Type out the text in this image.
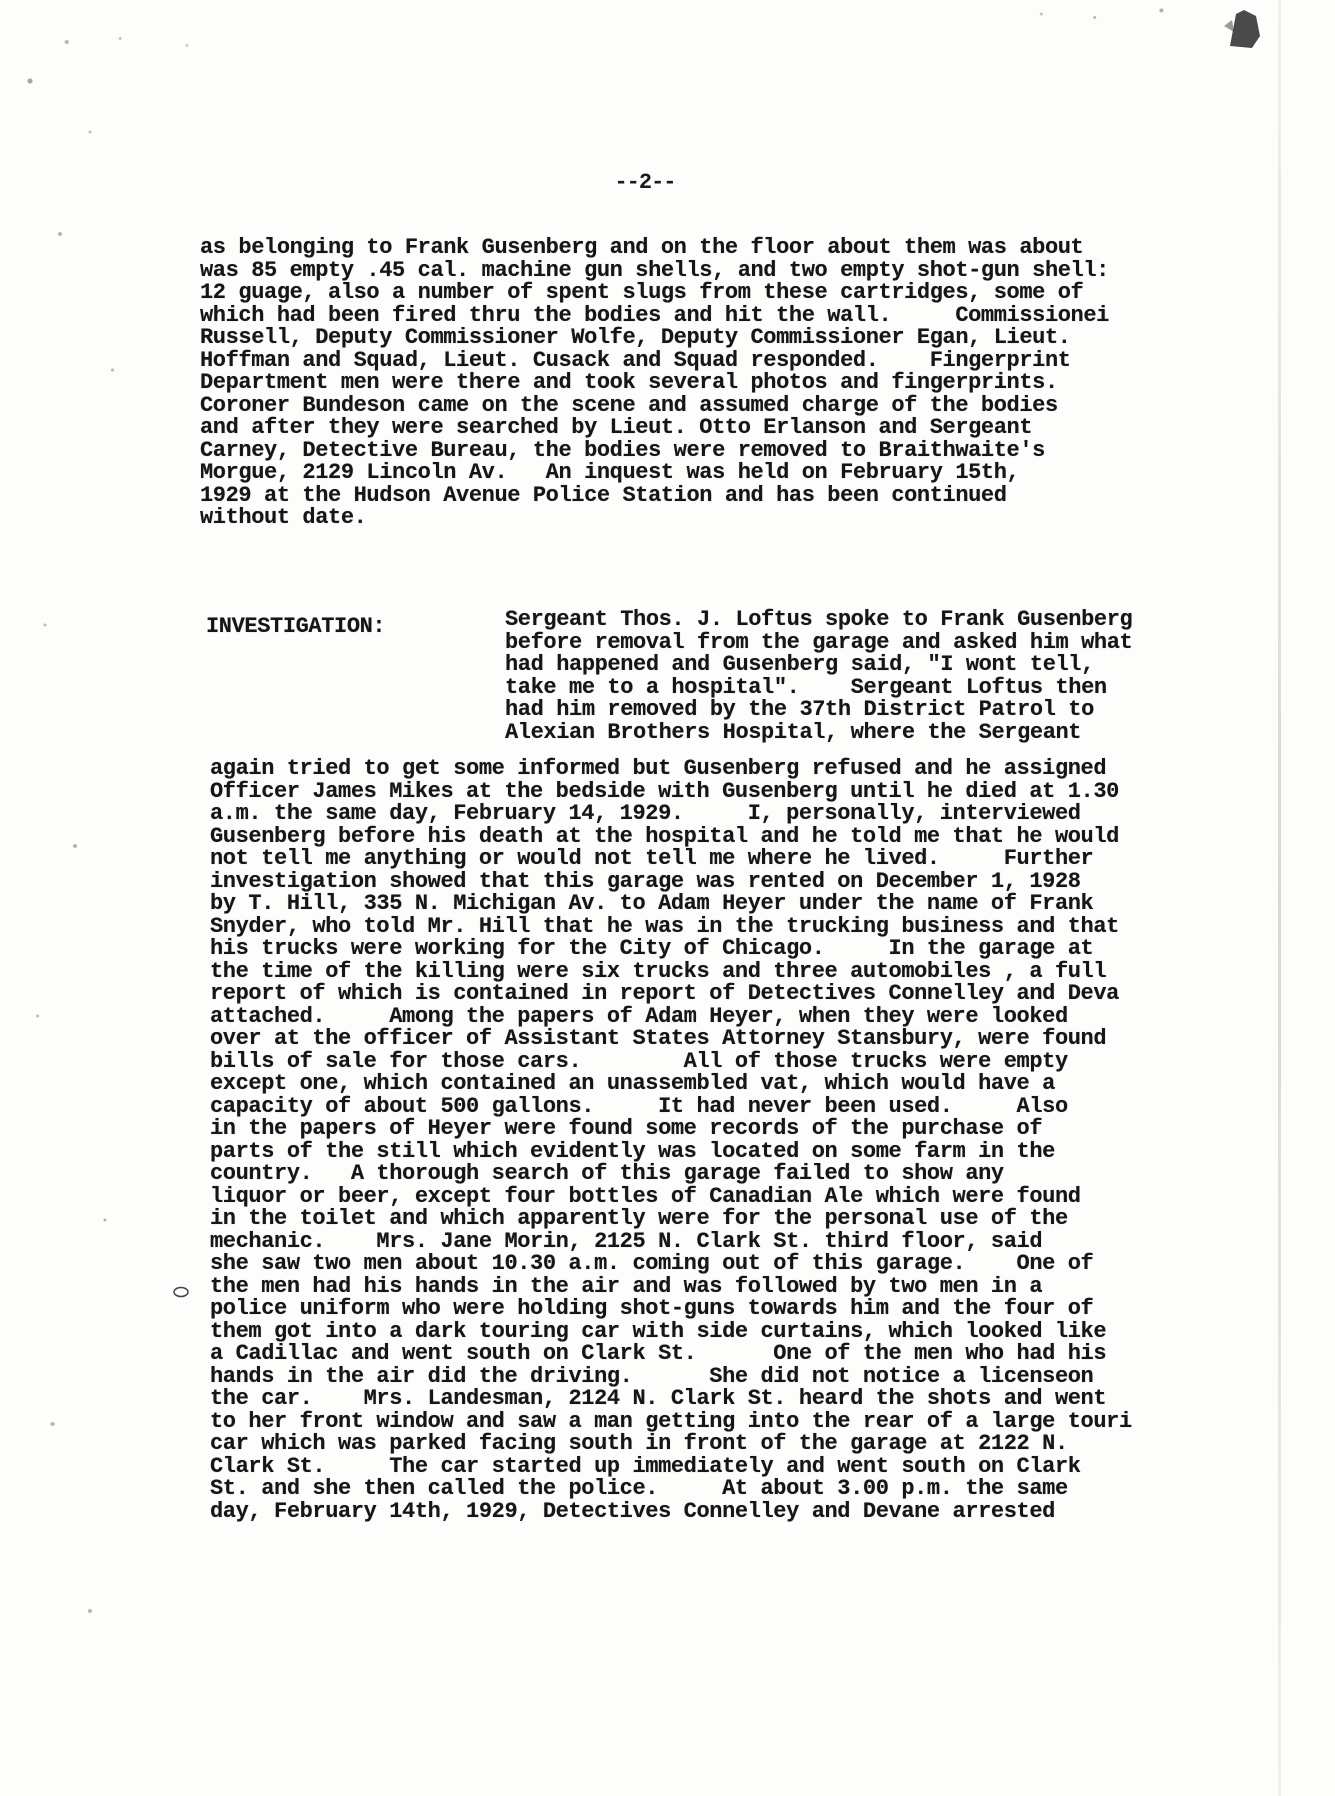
--2--
as belonging to Frank Gusenberg and on the floor about them was about
was 85 empty .45 cal. machine gun shells, and two empty shot-gun shell:
12 guage, also a number of spent slugs from these cartridges, some of
which had been fired thru the bodies and hit the wall.     Commissionei
Russell, Deputy Commissioner Wolfe, Deputy Commissioner Egan, Lieut.
Hoffman and Squad, Lieut. Cusack and Squad responded.    Fingerprint
Department men were there and took several photos and fingerprints.
Coroner Bundeson came on the scene and assumed charge of the bodies
and after they were searched by Lieut. Otto Erlanson and Sergeant
Carney, Detective Bureau, the bodies were removed to Braithwaite's
Morgue, 2129 Lincoln Av.   An inquest was held on February 15th,
1929 at the Hudson Avenue Police Station and has been continued
without date.
INVESTIGATION:	Sergeant Thos. J. Loftus spoke to Frank Gusenberg
before removal from the garage and asked him what
had happened and Gusenberg said, "I wont tell,
take me to a hospital".    Sergeant Loftus then
had him removed by the 37th District Patrol to
Alexian Brothers Hospital, where the Sergeant
again tried to get some informed but Gusenberg refused and he assigned
Officer James Mikes at the bedside with Gusenberg until he died at 1.30
a.m. the same day, February 14, 1929.     I, personally, interviewed
Gusenberg before his death at the hospital and he told me that he would
not tell me anything or would not tell me where he lived.     Further
investigation showed that this garage was rented on December 1, 1928
by T. Hill, 335 N. Michigan Av. to Adam Heyer under the name of Frank
Snyder, who told Mr. Hill that he was in the trucking business and that
his trucks were working for the City of Chicago.     In the garage at
the time of the killing were six trucks and three automobiles , a full
report of which is contained in report of Detectives Connelley and Deva
attached.     Among the papers of Adam Heyer, when they were looked
over at the officer of Assistant States Attorney Stansbury, were found
bills of sale for those cars.        All of those trucks were empty
except one, which contained an unassembled vat, which would have a
capacity of about 500 gallons.     It had never been used.     Also
in the papers of Heyer were found some records of the purchase of
parts of the still which evidently was located on some farm in the
country.   A thorough search of this garage failed to show any
liquor or beer, except four bottles of Canadian Ale which were found
in the toilet and which apparently were for the personal use of the
mechanic.    Mrs. Jane Morin, 2125 N. Clark St. third floor, said
she saw two men about 10.30 a.m. coming out of this garage.    One of
the men had his hands in the air and was followed by two men in a
police uniform who were holding shot-guns towards him and the four of
them got into a dark touring car with side curtains, which looked like
a Cadillac and went south on Clark St.      One of the men who had his
hands in the air did the driving.      She did not notice a licenseon
the car.    Mrs. Landesman, 2124 N. Clark St. heard the shots and went
to her front window and saw a man getting into the rear of a large touri
car which was parked facing south in front of the garage at 2122 N.
Clark St.     The car started up immediately and went south on Clark
St. and she then called the police.     At about 3.00 p.m. the same
day, February 14th, 1929, Detectives Connelley and Devane arrested
